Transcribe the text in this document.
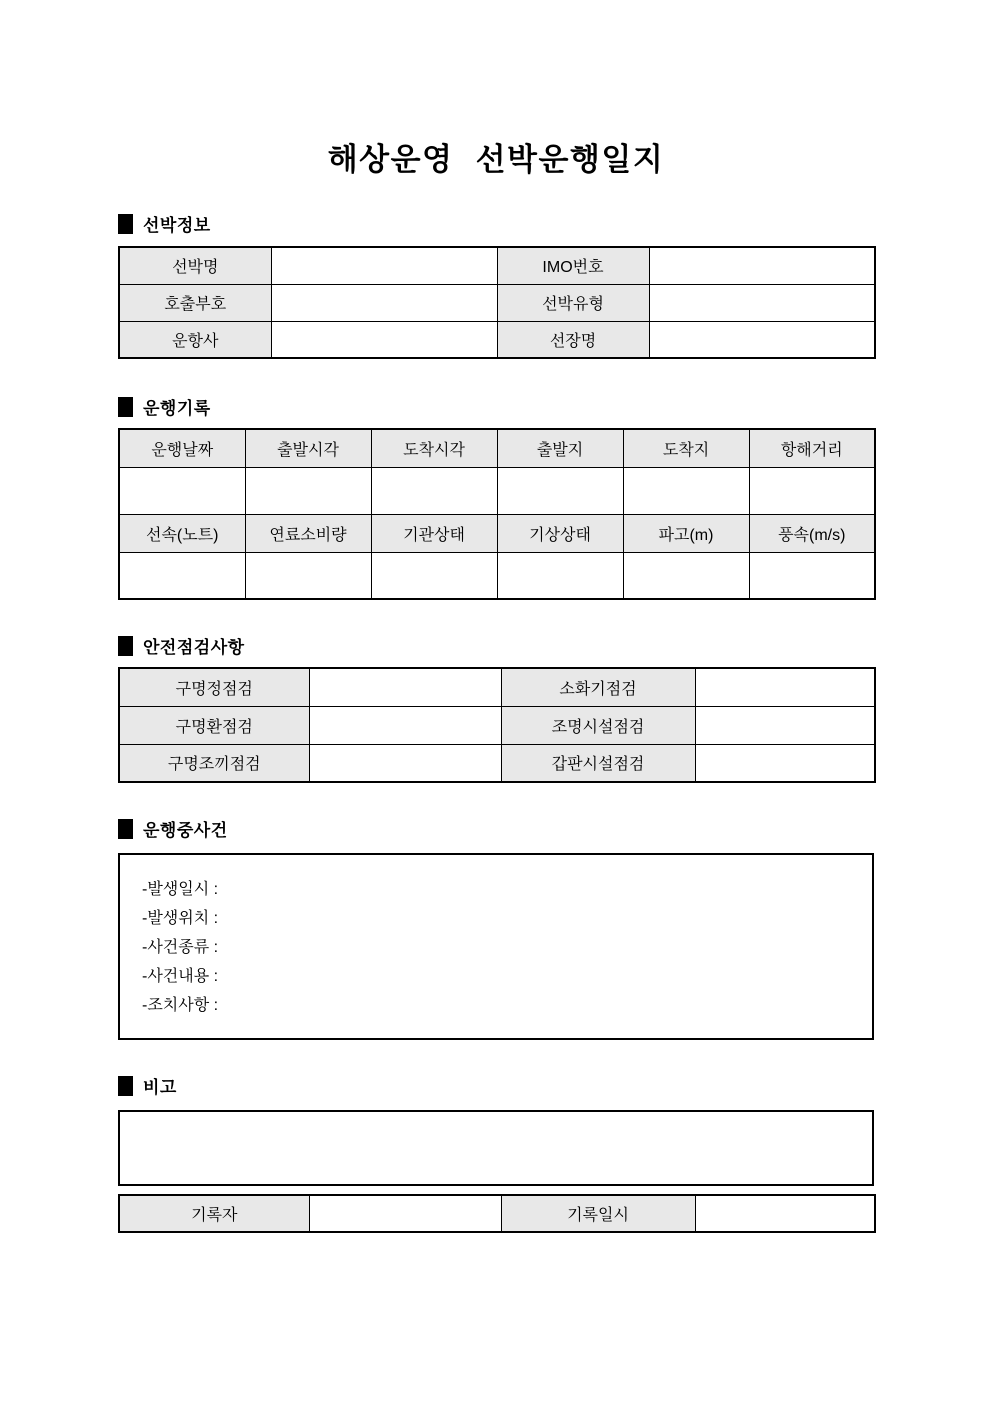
해상운영 선박운행일지
선박정보
선박명		IMO번호	
호출부호		선박유형	
운항사		선장명	
운행기록
운행날짜	출발시각	도착시각	출발지	도착지	항해거리

선속(노트)	연료소비량	기관상태	기상상태	파고(m)	풍속(m/s)

안전점검사항
구명정점검		소화기점검	
구명환점검		조명시설점검	
구명조끼점검		갑판시설점검	
운행중사건
-발생일시 :
-발생위치 :
-사건종류 :
-사건내용 :
-조치사항 :
비고
기록자		기록일시	
